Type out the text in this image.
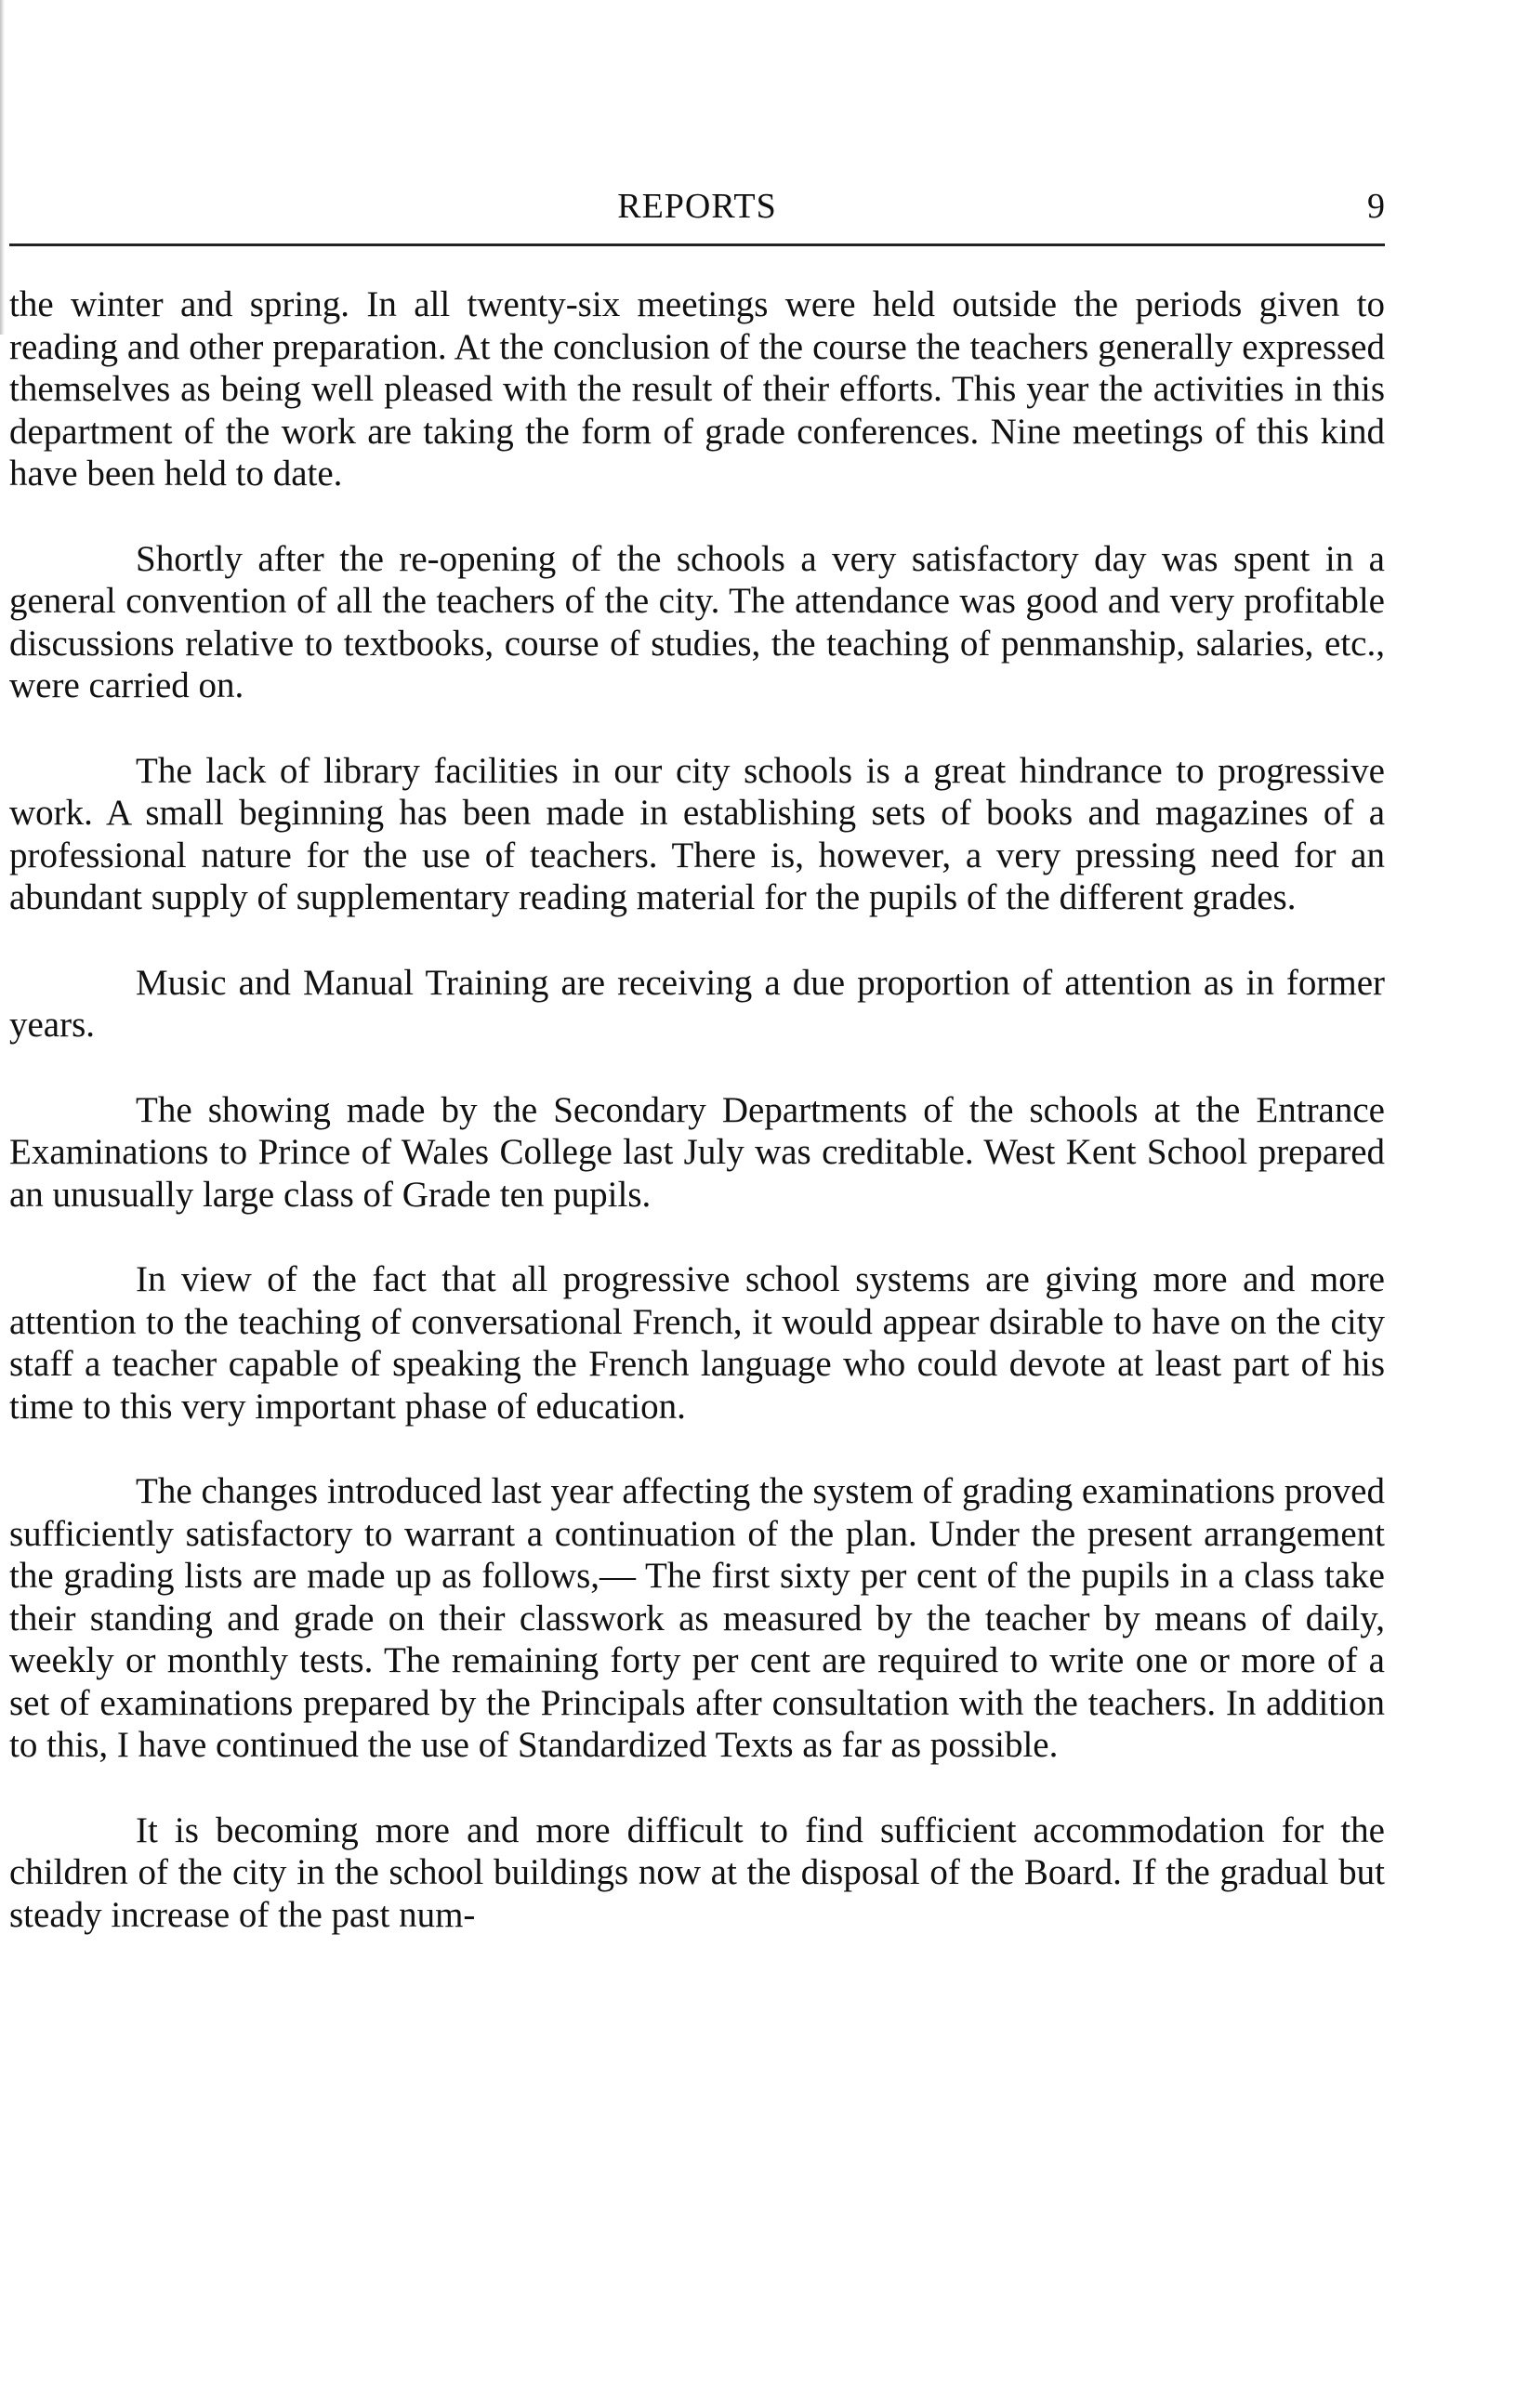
REPORTS	9

the winter and spring. In all twenty-six meetings were held outside the periods given to reading and other preparation. At the conclusion of the course the teachers generally expressed themselves as being well pleased with the result of their efforts. This year the activities in this department of the work are taking the form of grade conferences. Nine meetings of this kind have been held to date.

Shortly after the re-opening of the schools a very satisfactory day was spent in a general convention of all the teachers of the city. The attendance was good and very profitable discussions relative to textbooks, course of studies, the teaching of penmanship, salaries, etc., were carried on.

The lack of library facilities in our city schools is a great hindrance to progressive work. A small beginning has been made in establishing sets of books and magazines of a professional nature for the use of teachers. There is, however, a very pressing need for an abundant supply of supplementary reading material for the pupils of the different grades.

Music and Manual Training are receiving a due proportion of attention as in former years.

The showing made by the Secondary Departments of the schools at the Entrance Examinations to Prince of Wales College last July was creditable. West Kent School prepared an unusually large class of Grade ten pupils.

In view of the fact that all progressive school systems are giving more and more attention to the teaching of conversational French, it would appear dsirable to have on the city staff a teacher capable of speaking the French language who could devote at least part of his time to this very important phase of education.

The changes introduced last year affecting the system of grading examinations proved sufficiently satisfactory to warrant a continuation of the plan. Under the present arrangement the grading lists are made up as follows,— The first sixty per cent of the pupils in a class take their standing and grade on their classwork as measured by the teacher by means of daily, weekly or monthly tests. The remaining forty per cent are required to write one or more of a set of examinations prepared by the Principals after consultation with the teachers. In addition to this, I have continued the use of Standardized Texts as far as possible.

It is becoming more and more difficult to find sufficient accommodation for the children of the city in the school buildings now at the disposal of the Board. If the gradual but steady increase of the past num-
